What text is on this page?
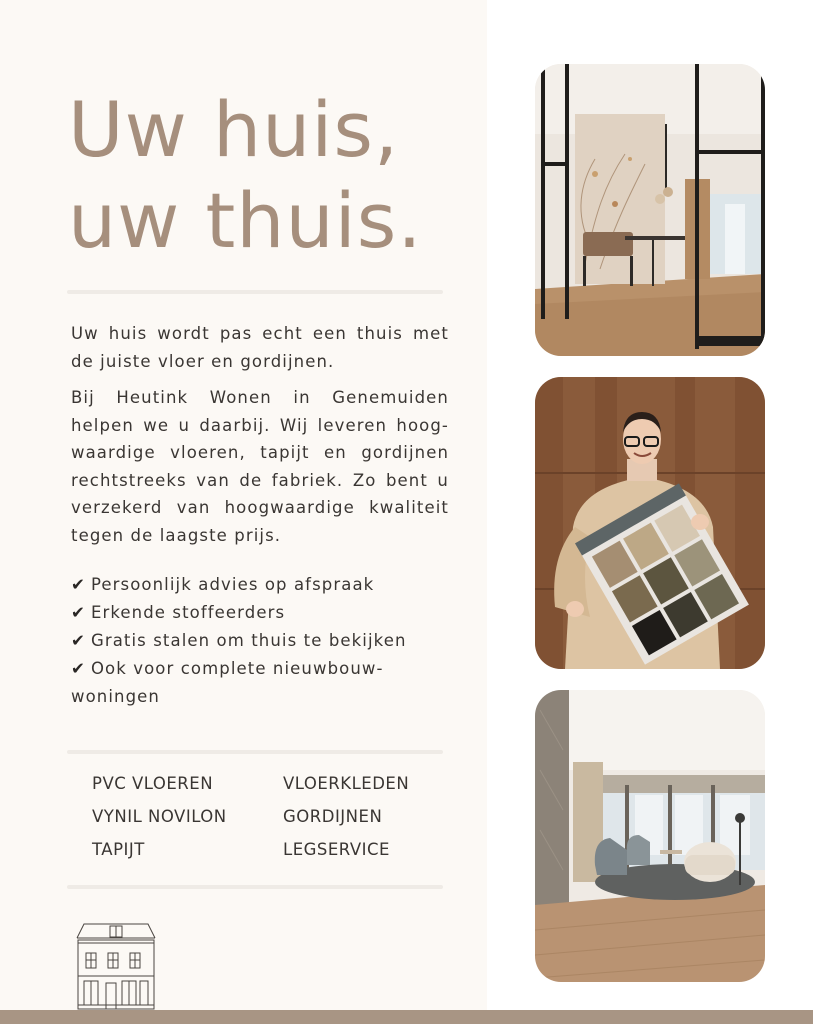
Uw huis,
uw thuis.

Uw huis wordt pas echt een thuis met de juiste vloer en gordijnen.

Bij Heutink Wonen in Genemuiden helpen we u daarbij. Wij leveren hoog-waardige vloeren, tapijt en gordijnen rechtstreeks van de fabriek. Zo bent u verzekerd van hoogwaardige kwaliteit tegen de laagste prijs.

✔ Persoonlijk advies op afspraak
✔ Erkende stoffeerders
✔ Gratis stalen om thuis te bekijken
✔ Ook voor complete nieuwbouw-woningen
PVC VLOEREN	VLOERKLEDEN
VYNIL NOVILON	GORDIJNEN
TAPIJT	LEGSERVICE
